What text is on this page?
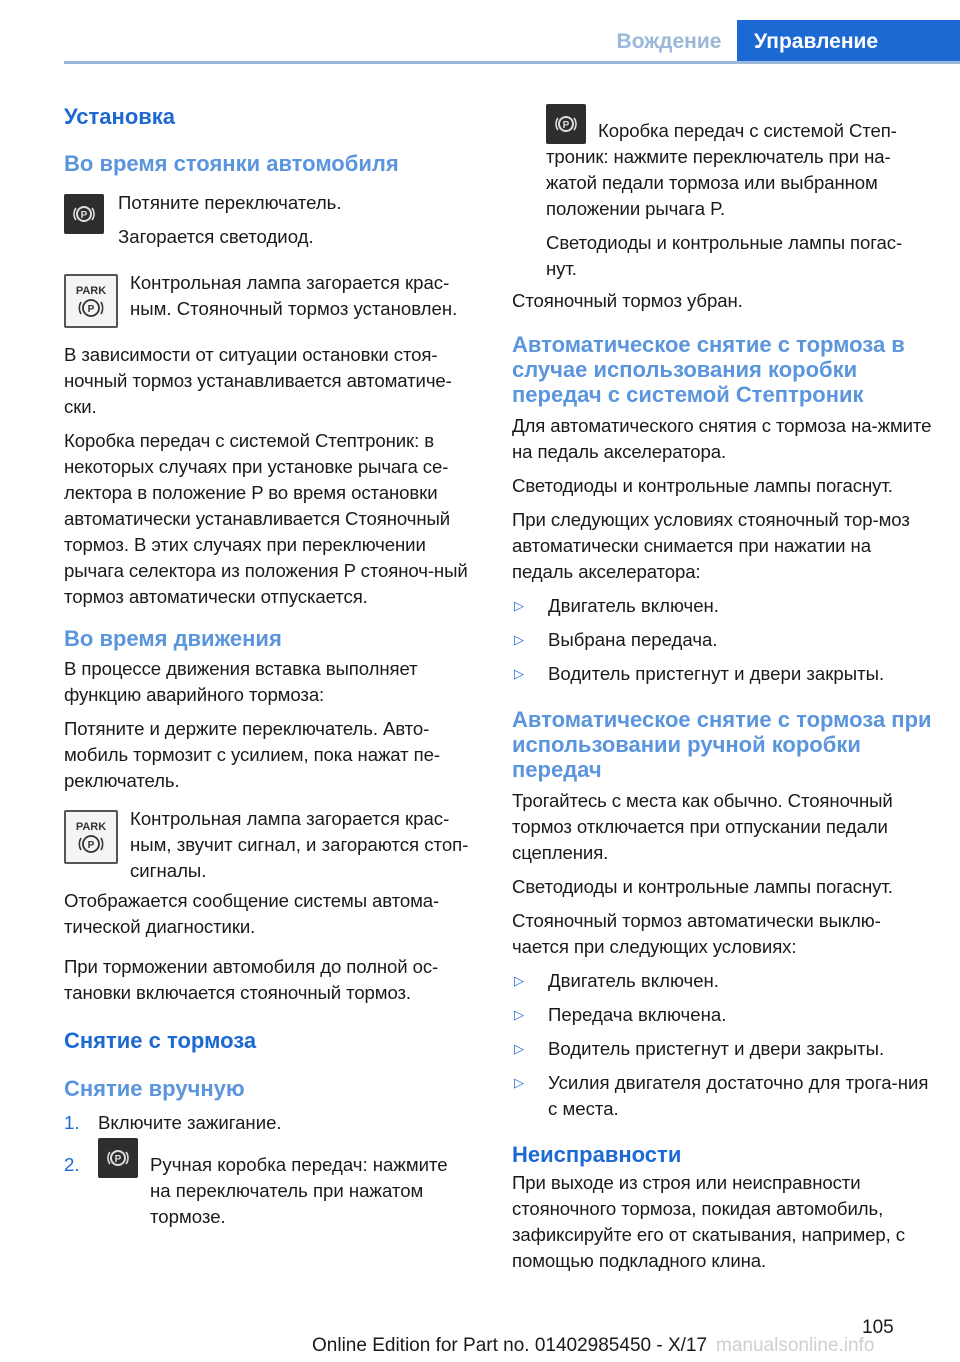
Вождение	Управление

Установка

Во время стоянки автомобиля

P

Потяните переключатель.

Загорается светодиод.

PARK
P

Контрольная лампа загорается крас-ным. Стояночный тормоз установлен.

В зависимости от ситуации остановки стоя-ночный тормоз устанавливается автоматиче-ски.

Коробка передач с системой Стептроник: в некоторых случаях при установке рычага се-лектора в положение P во время остановки автоматически устанавливается Стояночный тормоз. В этих случаях при переключении рычага селектора из положения P стояноч-ный тормоз автоматически отпускается.

Во время движения

В процессе движения вставка выполняет функцию аварийного тормоза:

Потяните и держите переключатель. Авто-мобиль тормозит с усилием, пока нажат пе-реключатель.

PARK
P

Контрольная лампа загорается крас-ным, звучит сигнал, и загораются стоп-сигналы.

Отображается сообщение системы автома-тической диагностики.

При торможении автомобиля до полной ос-тановки включается стояночный тормоз.

Снятие с тормоза

Снятие вручную

1. Включите зажигание.
2.	P Ручная коробка передач: нажмите на переключатель при нажатом тормозе.
P	Коробка передач с системой Степ-троник: нажмите переключатель при на-жатой педали тормоза или выбранном положении рычага P.

Светодиоды и контрольные лампы погас-нут.

Стояночный тормоз убран.

Автоматическое снятие с тормоза в случае использования коробки передач с системой Стептроник

Для автоматического снятия с тормоза на-жмите на педаль акселератора.

Светодиоды и контрольные лампы погаснут.

При следующих условиях стояночный тор-моз автоматически снимается при нажатии на педаль акселератора:

▷	Двигатель включен.
▷	Выбрана передача.
▷	Водитель пристегнут и двери закрыты.

Автоматическое снятие с тормоза при использовании ручной коробки передач

Трогайтесь с места как обычно. Стояночный тормоз отключается при отпускании педали сцепления.

Светодиоды и контрольные лампы погаснут.

Стояночный тормоз автоматически выклю-чается при следующих условиях:

▷	Двигатель включен.
▷	Передача включена.
▷	Водитель пристегнут и двери закрыты.
▷	Усилия двигателя достаточно для трога-ния с места.

Неисправности

При выходе из строя или неисправности стояночного тормоза, покидая автомобиль, зафиксируйте его от скатывания, например, с помощью подкладного клина.

105
Online Edition for Part no. 01402985450 - X/17 manualsonline.info
